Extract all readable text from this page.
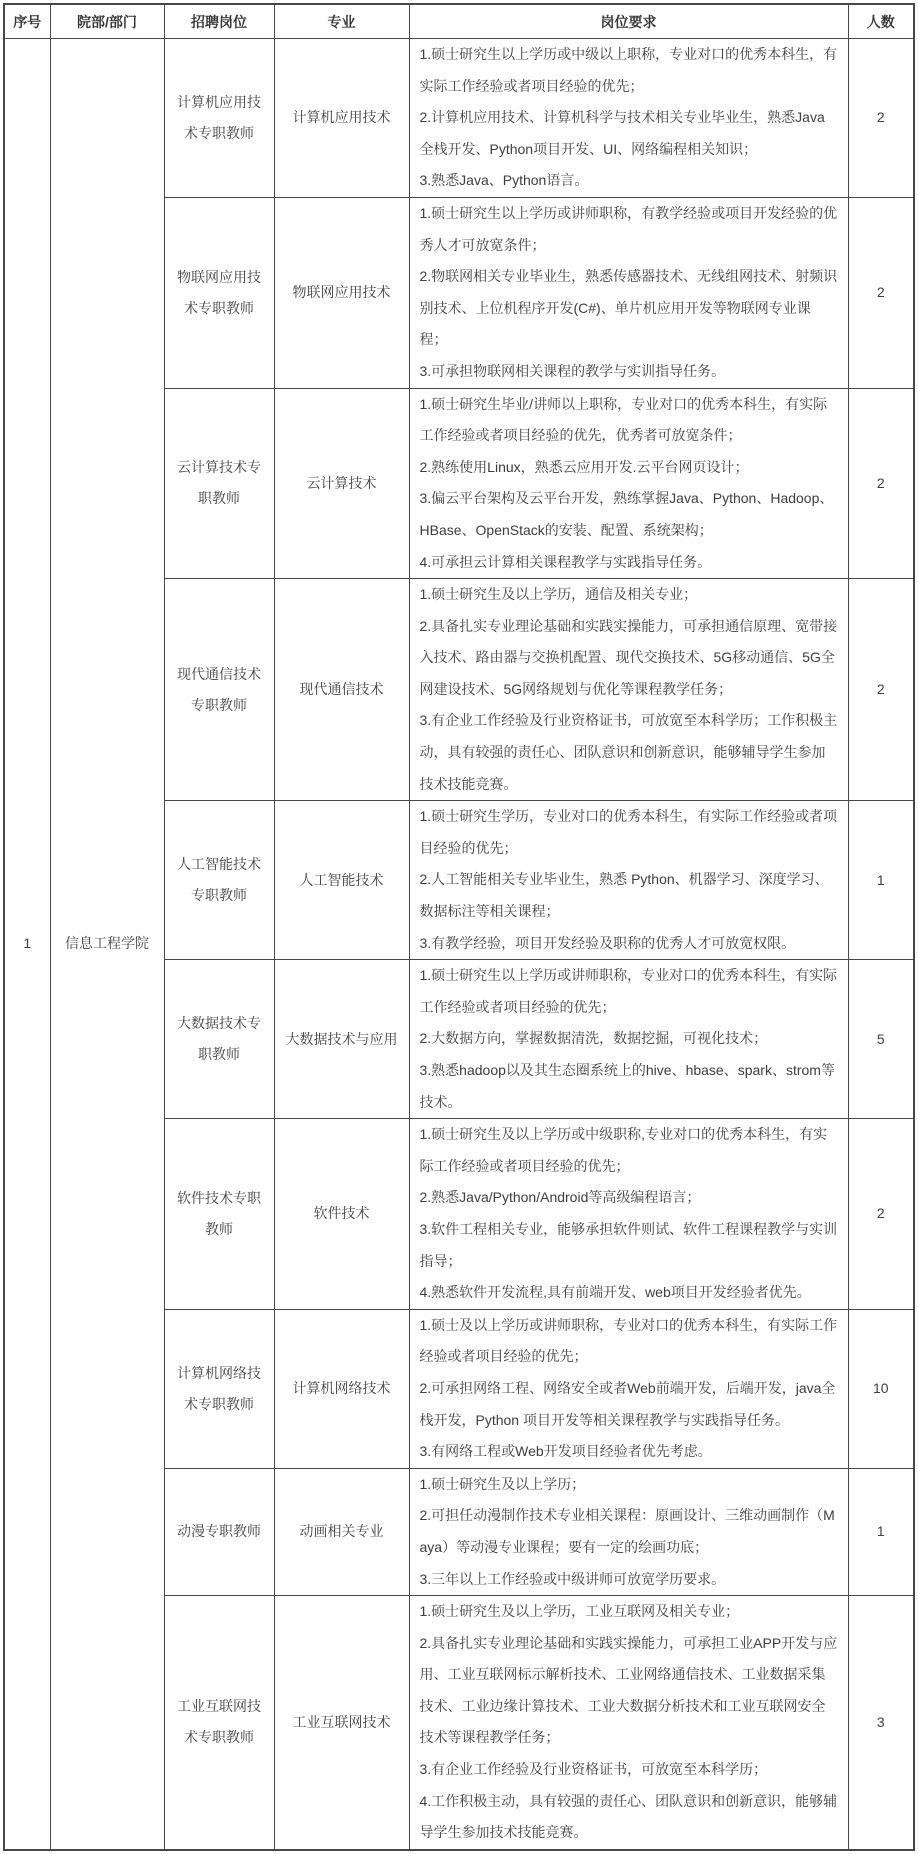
序号	院部/部门	招聘岗位	专业	岗位要求	人数
1	信息工程学院	计算机应用技术专职教师	计算机应用技术	1.硕士研究生以上学历或中级以上职称，专业对口的优秀本科生，有实际工作经验或者项目经验的优先；
2.计算机应用技术、计算机科学与技术相关专业毕业生，熟悉Java全栈开发、Python项目开发、UI、网络编程相关知识；
3.熟悉Java、Python语言。	2
		物联网应用技术专职教师	物联网应用技术	1.硕士研究生以上学历或讲师职称，有教学经验或项目开发经验的优秀人才可放宽条件；
2.物联网相关专业毕业生，熟悉传感器技术、无线组网技术、射频识别技术、上位机程序开发(C#)、单片机应用开发等物联网专业课程；
3.可承担物联网相关课程的教学与实训指导任务。	2
		云计算技术专职教师	云计算技术	1.硕士研究生毕业/讲师以上职称，专业对口的优秀本科生，有实际工作经验或者项目经验的优先，优秀者可放宽条件；
2.熟练使用Linux，熟悉云应用开发.云平台网页设计；
3.偏云平台架构及云平台开发，熟练掌握Java、Python、Hadoop、HBase、OpenStack的安装、配置、系统架构；
4.可承担云计算相关课程教学与实践指导任务。	2
		现代通信技术专职教师	现代通信技术	1.硕士研究生及以上学历，通信及相关专业；
2.具备扎实专业理论基础和实践实操能力，可承担通信原理、宽带接入技术、路由器与交换机配置、现代交换技术、5G移动通信、5G全网建设技术、5G网络规划与优化等课程教学任务；
3.有企业工作经验及行业资格证书，可放宽至本科学历；工作积极主动，具有较强的责任心、团队意识和创新意识，能够辅导学生参加技术技能竞赛。	2
		人工智能技术专职教师	人工智能技术	1.硕士研究生学历，专业对口的优秀本科生，有实际工作经验或者项目经验的优先；
2.人工智能相关专业毕业生，熟悉 Python、机器学习、深度学习、数据标注等相关课程；
3.有教学经验，项目开发经验及职称的优秀人才可放宽权限。	1
		大数据技术专职教师	大数据技术与应用	1.硕士研究生以上学历或讲师职称，专业对口的优秀本科生，有实际工作经验或者项目经验的优先；
2.大数据方向，掌握数据清洗，数据挖掘，可视化技术；
3.熟悉hadoop以及其生态圈系统上的hive、hbase、spark、strom等技术。	5
		软件技术专职教师	软件技术	1.硕士研究生及以上学历或中级职称,专业对口的优秀本科生，有实际工作经验或者项目经验的优先；
2.熟悉Java/Python/Android等高级编程语言；
3.软件工程相关专业，能够承担软件则试、软件工程课程教学与实训指导；
4.熟悉软件开发流程,具有前端开发、web项目开发经验者优先。	2
		计算机网络技术专职教师	计算机网络技术	1.硕士及以上学历或讲师职称，专业对口的优秀本科生，有实际工作经验或者项目经验的优先；
2.可承担网络工程、网络安全或者Web前端开发，后端开发，java全栈开发，Python 项目开发等相关课程教学与实践指导任务。
3.有网络工程或Web开发项目经验者优先考虑。	10
		动漫专职教师	动画相关专业	1.硕士研究生及以上学历；
2.可担任动漫制作技术专业相关课程：原画设计、三维动画制作（Maya）等动漫专业课程；要有一定的绘画功底；
3.三年以上工作经验或中级讲师可放宽学历要求。	1
		工业互联网技术专职教师	工业互联网技术	1.硕士研究生及以上学历，工业互联网及相关专业；
2.具备扎实专业理论基础和实践实操能力，可承担工业APP开发与应用、工业互联网标示解析技术、工业网络通信技术、工业数据采集技术、工业边缘计算技术、工业大数据分析技术和工业互联网安全技术等课程教学任务；
3.有企业工作经验及行业资格证书，可放宽至本科学历；
4.工作积极主动，具有较强的责任心、团队意识和创新意识，能够辅导学生参加技术技能竞赛。	3
